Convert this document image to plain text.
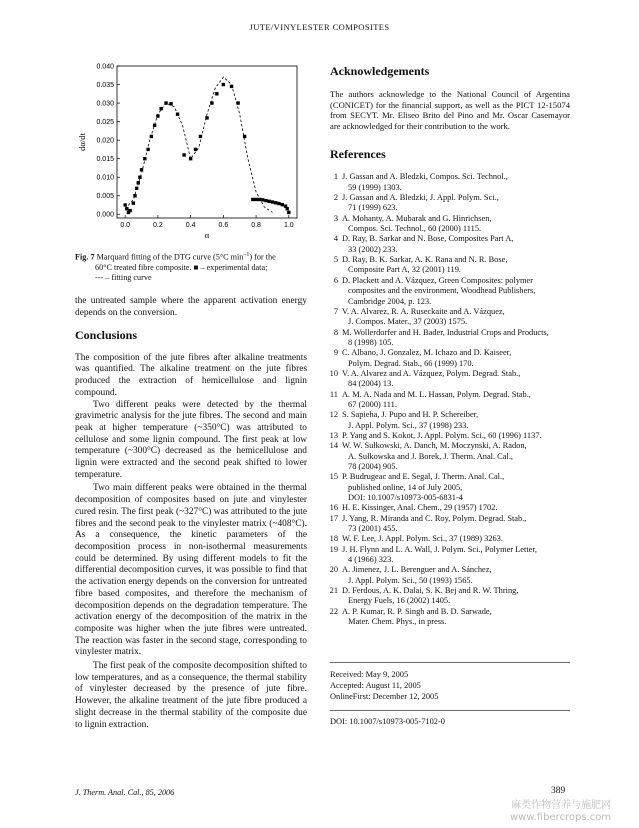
JUTE/VINYLESTER COMPOSITES
0.0	0.2	0.4	0.6	0.8	1.0
0.000
0.005
0.010
0.015
0.020
0.025
0.030
0.035
0.040
α
dα/dt
Fig. 7 Marquard fitting of the DTG curve (5°C $\min^{-1}$) for the
60°C treated fibre composite. ■ – experimental data;
--- – fitting curve

the untreated sample where the apparent activation energy depends on the conversion.

Conclusions

The composition of the jute fibres after alkaline treatments was quantified. The alkaline treatment on the jute fibres produced the extraction of hemicellulose and lignin compound.

Two different peaks were detected by the thermal gravimetric analysis for the jute fibres. The second and main peak at higher temperature (~350°C) was attributed to cellulose and some lignin compound. The first peak at low temperature (~300°C) decreased as the hemicellulose and lignin were extracted and the second peak shifted to lower temperature.

Two main different peaks were obtained in the thermal decomposition of composites based on jute and vinylester cured resin. The first peak (~327°C) was attributed to the jute fibres and the second peak to the vinylester matrix (~408°C). As a consequence, the kinetic parameters of the decomposition process in non-isothermal measurements could be determined. By using different models to fit the differential decomposition curves, it was possible to find that the activation energy depends on the conversion for untreated fibre based composites, and therefore the mechanism of decomposition depends on the degradation temperature. The activation energy of the decomposition of the matrix in the composite was higher when the jute fibres were untreated. The reaction was faster in the second stage, corresponding to vinylester matrix.

The first peak of the composite decomposition shifted to low temperatures, and as a consequence, the thermal stability of vinylester decreased by the presence of jute fibre. However, the alkaline treatment of the jute fibre produced a slight decrease in the thermal stability of the composite due to lignin extraction.

Acknowledgements

The authors acknowledge to the National Council of Argentina (CONICET) for the financial support, as well as the PICT 12-15074 from SECYT. Mr. Eliseo Brito del Pino and Mr. Oscar Casemayor are acknowledged for their contribution to the work.

References
1 J. Gassan and A. Bledzki, Compos. Sci. Technol.,
59 (1999) 1303.
2 J. Gassan and A. Bledzki, J. Appl. Polym. Sci.,
71 (1999) 623.
3 A. Mohanty, A. Mubarak and G. Hinrichsen,
Compos. Sci. Technol., 60 (2000) 1115.
4 D. Ray, B. Sarkar and N. Bose, Composites Part A,
33 (2002) 233.
5 D. Ray, B. K. Sarkar, A. K. Rana and N. R. Bose,
Composite Part A, 32 (2001) 119.
6 D. Plackett and A. Vázquez, Green Composites: polymer
composites and the environment, Woodhead Publishers,
Cambridge 2004, p. 123.
7 V. A. Alvarez, R. A. Ruseckaite and A. Vázquez,
J. Compos. Mater., 37 (2003) 1575.
8 M. Wollerdorfer and H. Bader, Industrial Crops and Products,
8 (1998) 105.
9 C. Albano, J. Gonzalez, M. Ichazo and D. Kaiseer,
Polym. Degrad. Stab., 66 (1999) 170.
10 V. A. Alvarez and A. Vázquez, Polym. Degrad. Stab.,
84 (2004) 13.
11 A. M. A. Nada and M. L. Hassan, Polym. Degrad. Stab.,
67 (2000) 111.
12 S. Sapieha, J. Pupo and H. P. Schereiber,
J. Appl. Polym. Sci., 37 (1998) 233.
13 P. Yang and S. Kokot, J. Appl. Polym. Sci., 60 (1996) 1137.
14 W. W. Sułkowski, A. Danch, M. Moczynski, A. Radon,
A. Sułkowska and J. Borek, J. Therm. Anal. Cal.,
78 (2004) 905.
15 P. Budrugeac and E. Segal, J. Therm. Anal. Cal.,
published online, 14 of July 2005,
DOI: 10.1007/s10973-005-6831-4
16 H. E. Kissinger, Anal. Chem., 29 (1957) 1702.
17 J. Yang, R. Miranda and C. Roy, Polym. Degrad. Stab.,
73 (2001) 455.
18 W. F. Lee, J. Appl. Polym. Sci., 37 (1989) 3263.
19 J. H. Flynn and L. A. Wall, J. Polym. Sci., Polymer Letter,
4 (1966) 323.
20 A. Jimenez, J. L. Berenguer and A. Sánchez,
J. Appl. Polym. Sci., 50 (1993) 1565.
21 D. Ferdous, A. K. Dalai, S. K. Bej and R. W. Thring,
Energy Fuels, 16 (2002) 1405.
22 A. P. Kumar, R. P. Singh and B. D. Sarwade,
Mater. Chem. Phys., in press.
Received: May 9, 2005
Accepted: August 11, 2005
OnlineFirst: December 12, 2005
DOI: 10.1007/s10973-005-7102-0
J. Therm. Anal. Cal., 85, 2006	389
麻类作物营养与施肥网
www.fibercrops.com
